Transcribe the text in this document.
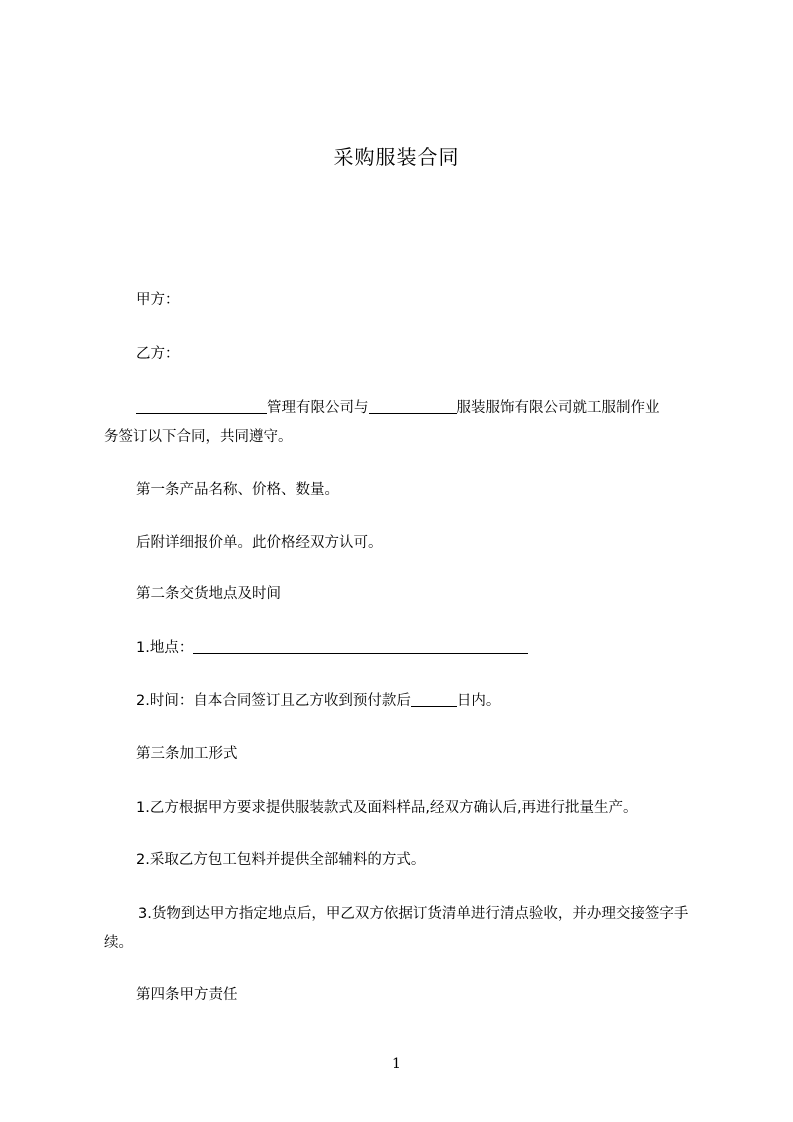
采购服装合同
甲方：
乙方：
管理有限公司与	服装服饰有限公司就工服制作业
务签订以下合同，共同遵守。
第一条产品名称、价格、数量。
后附详细报价单。此价格经双方认可。
第二条交货地点及时间
1.地点：
2.时间：自本合同签订且乙方收到预付款后	日内。
第三条加工形式
1.乙方根据甲方要求提供服装款式及面料样品,经双方确认后,再进行批量生产。
2.采取乙方包工包料并提供全部辅料的方式。
3.货物到达甲方指定地点后，甲乙双方依据订货清单进行清点验收，并办理交接签字手续。
第四条甲方责任
1
